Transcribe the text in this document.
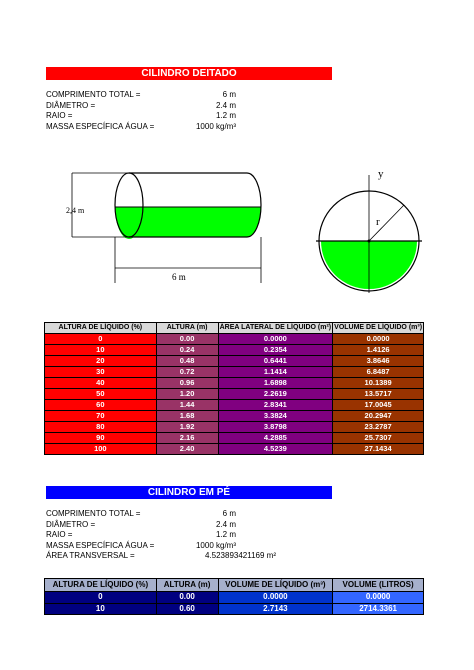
CILINDRO DEITADO
COMPRIMENTO TOTAL =	6 m
DIÂMETRO =	2.4 m
RAIO =	1.2 m
MASSA ESPECÍFICA ÁGUA =	1000 kg/m³
2,4 m
6 m
y
r
ALTURA DE LÍQUIDO (%)	ALTURA (m)	ÁREA LATERAL DE LÍQUIDO (m²)	VOLUME DE LÍQUIDO (m³)
0	0.00	0.0000	0.0000
10	0.24	0.2354	1.4126
20	0.48	0.6441	3.8646
30	0.72	1.1414	6.8487
40	0.96	1.6898	10.1389
50	1.20	2.2619	13.5717
60	1.44	2.8341	17.0045
70	1.68	3.3824	20.2947
80	1.92	3.8798	23.2787
90	2.16	4.2885	25.7307
100	2.40	4.5239	27.1434
CILINDRO EM PÉ
COMPRIMENTO TOTAL =	6 m
DIÂMETRO =	2.4 m
RAIO =	1.2 m
MASSA ESPECÍFICA ÁGUA =	1000 kg/m³
ÁREA TRANSVERSAL =	4.523893421169 m²
ALTURA DE LÍQUIDO (%)	ALTURA (m)	VOLUME DE LÍQUIDO (m³)	VOLUME (LITROS)
0	0.00	0.0000	0.0000
10	0.60	2.7143	2714.3361
